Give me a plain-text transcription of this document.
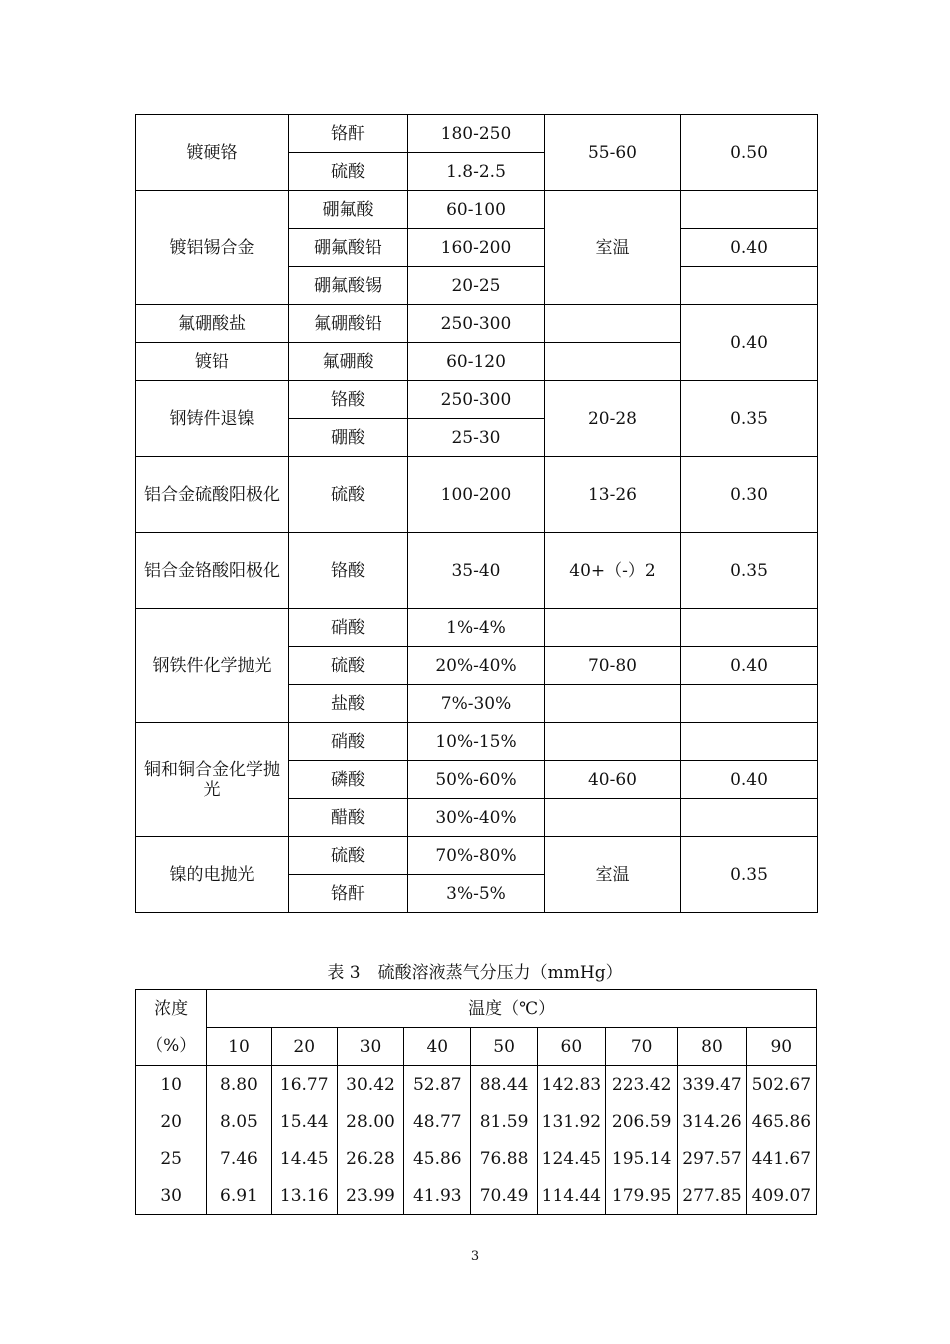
镀硬铬	铬酐	180-250	55-60	0.50
	硫酸	1.8-2.5		
镀铝锡合金	硼氟酸	60-100	室温	
	硼氟酸铅	160-200		0.40
	硼氟酸锡	20-25		
氟硼酸盐	氟硼酸铅	250-300		0.40
镀铅	氟硼酸	60-120		
钢铸件退镍	铬酸	250-300	20-28	0.35
	硼酸	25-30		
铝合金硫酸阳极化	硫酸	100-200	13-26	0.30
铝合金铬酸阳极化	铬酸	35-40	40+（-）2	0.35
钢铁件化学抛光	硝酸	1%-4%		
	硫酸	20%-40%	70-80	0.40
	盐酸	7%-30%		
铜和铜合金化学抛光	硝酸	10%-15%		
	磷酸	50%-60%	40-60	0.40
	醋酸	30%-40%		
镍的电抛光	硫酸	70%-80%	室温	0.35
	铬酐	3%-5%		
表 3　硫酸溶液蒸气分压力（mmHg）
浓度	温度（℃）								
（%）	10	20	30	40	50	60	70	80	90
10	8.80	16.77	30.42	52.87	88.44	142.83	223.42	339.47	502.67
20	8.05	15.44	28.00	48.77	81.59	131.92	206.59	314.26	465.86
25	7.46	14.45	26.28	45.86	76.88	124.45	195.14	297.57	441.67
30	6.91	13.16	23.99	41.93	70.49	114.44	179.95	277.85	409.07
3
